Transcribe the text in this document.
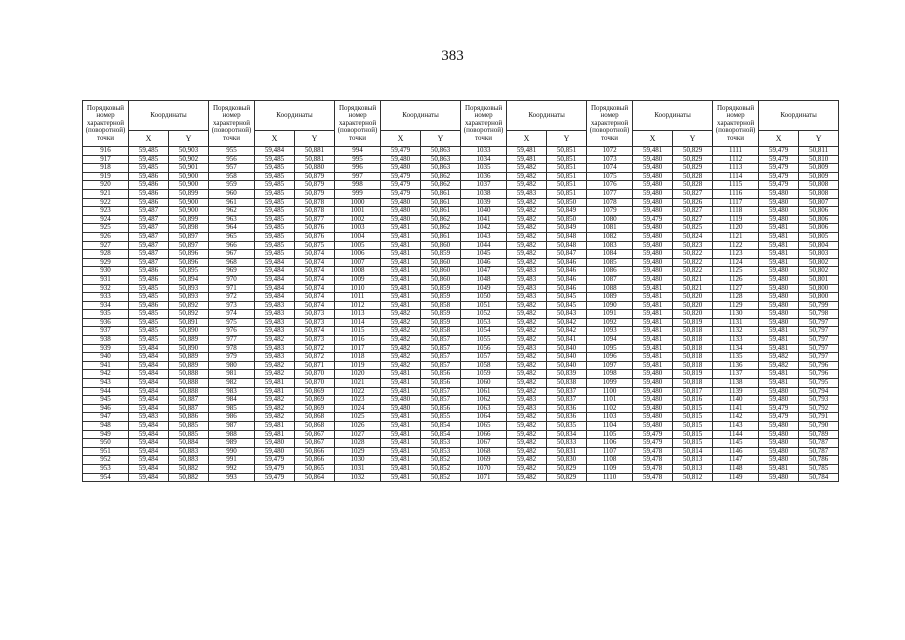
383
Порядковый номер характерной (поворотной) точки	Координаты		Порядковый номер характерной (поворотной) точки	Координаты		Порядковый номер характерной (поворотной) точки	Координаты		Порядковый номер характерной (поворотной) точки	Координаты		Порядковый номер характерной (поворотной) точки	Координаты		Порядковый номер характерной (поворотной) точки	Координаты	
	X	Y		X	Y		X	Y		X	Y		X	Y		X	Y
916	59,485	50,903	955	59,484	50,881	994	59,479	50,863	1033	59,481	50,851	1072	59,481	50,829	1111	59,479	50,811
917	59,485	50,902	956	59,485	50,881	995	59,480	50,863	1034	59,481	50,851	1073	59,480	50,829	1112	59,479	50,810
918	59,485	50,901	957	59,485	50,880	996	59,480	50,863	1035	59,482	50,851	1074	59,480	50,829	1113	59,479	50,809
919	59,486	50,900	958	59,485	50,879	997	59,479	50,862	1036	59,482	50,851	1075	59,480	50,828	1114	59,479	50,809
920	59,486	50,900	959	59,485	50,879	998	59,479	50,862	1037	59,482	50,851	1076	59,480	50,828	1115	59,479	50,808
921	59,486	50,899	960	59,485	50,879	999	59,479	50,861	1038	59,483	50,851	1077	59,480	50,827	1116	59,480	50,808
922	59,486	50,900	961	59,485	50,878	1000	59,480	50,861	1039	59,482	50,850	1078	59,480	50,826	1117	59,480	50,807
923	59,487	50,900	962	59,485	50,878	1001	59,480	50,861	1040	59,482	50,849	1079	59,480	50,827	1118	59,480	50,806
924	59,487	50,899	963	59,485	50,877	1002	59,480	50,862	1041	59,482	50,850	1080	59,479	50,827	1119	59,480	50,806
925	59,487	50,898	964	59,485	50,876	1003	59,481	50,862	1042	59,482	50,849	1081	59,480	50,825	1120	59,481	50,806
926	59,487	50,897	965	59,485	50,876	1004	59,481	50,861	1043	59,482	50,848	1082	59,480	50,824	1121	59,481	50,805
927	59,487	50,897	966	59,485	50,875	1005	59,481	50,860	1044	59,482	50,848	1083	59,480	50,823	1122	59,481	50,804
928	59,487	50,896	967	59,485	50,874	1006	59,481	50,859	1045	59,482	50,847	1084	59,480	50,822	1123	59,481	50,803
929	59,487	50,896	968	59,484	50,874	1007	59,481	50,860	1046	59,482	50,846	1085	59,480	50,822	1124	59,481	50,802
930	59,486	50,895	969	59,484	50,874	1008	59,481	50,860	1047	59,483	50,846	1086	59,480	50,822	1125	59,480	50,802
931	59,486	50,894	970	59,484	50,874	1009	59,481	50,860	1048	59,483	50,846	1087	59,480	50,821	1126	59,480	50,801
932	59,485	50,893	971	59,484	50,874	1010	59,481	50,859	1049	59,483	50,846	1088	59,481	50,821	1127	59,480	50,800
933	59,485	50,893	972	59,484	50,874	1011	59,481	50,859	1050	59,483	50,845	1089	59,481	50,820	1128	59,480	50,800
934	59,486	50,892	973	59,483	50,874	1012	59,481	50,858	1051	59,482	50,845	1090	59,481	50,820	1129	59,480	50,799
935	59,485	50,892	974	59,483	50,873	1013	59,482	50,859	1052	59,482	50,843	1091	59,481	50,820	1130	59,480	50,798
936	59,485	50,891	975	59,483	50,873	1014	59,482	50,859	1053	59,482	50,842	1092	59,481	50,819	1131	59,480	50,797
937	59,485	50,890	976	59,483	50,874	1015	59,482	50,858	1054	59,482	50,842	1093	59,481	50,818	1132	59,481	50,797
938	59,485	50,889	977	59,482	50,873	1016	59,482	50,857	1055	59,482	50,841	1094	59,481	50,818	1133	59,481	50,797
939	59,484	50,890	978	59,483	50,872	1017	59,482	50,857	1056	59,483	50,840	1095	59,481	50,818	1134	59,481	50,797
940	59,484	50,889	979	59,483	50,872	1018	59,482	50,857	1057	59,482	50,840	1096	59,481	50,818	1135	59,482	50,797
941	59,484	50,889	980	59,482	50,871	1019	59,482	50,857	1058	59,482	50,840	1097	59,481	50,818	1136	59,482	50,796
942	59,484	50,888	981	59,482	50,870	1020	59,481	50,856	1059	59,482	50,839	1098	59,480	50,819	1137	59,481	50,796
943	59,484	50,888	982	59,481	50,870	1021	59,481	50,856	1060	59,482	50,838	1099	59,480	50,818	1138	59,481	50,795
944	59,484	50,888	983	59,481	50,869	1022	59,481	50,857	1061	59,482	50,837	1100	59,480	50,817	1139	59,480	50,794
945	59,484	50,887	984	59,482	50,869	1023	59,480	50,857	1062	59,483	50,837	1101	59,480	50,816	1140	59,480	50,793
946	59,484	50,887	985	59,482	50,869	1024	59,480	50,856	1063	59,483	50,836	1102	59,480	50,815	1141	59,479	50,792
947	59,483	50,886	986	59,482	50,868	1025	59,481	50,855	1064	59,482	50,836	1103	59,480	50,815	1142	59,479	50,791
948	59,484	50,885	987	59,481	50,868	1026	59,481	50,854	1065	59,482	50,835	1104	59,480	50,815	1143	59,480	50,790
949	59,484	50,885	988	59,481	50,867	1027	59,481	50,854	1066	59,482	50,834	1105	59,479	50,815	1144	59,480	50,789
950	59,484	50,884	989	59,480	50,867	1028	59,481	50,853	1067	59,482	50,833	1106	59,479	50,815	1145	59,480	50,787
951	59,484	50,883	990	59,480	50,866	1029	59,481	50,853	1068	59,482	50,831	1107	59,478	50,814	1146	59,480	50,787
952	59,484	50,883	991	59,479	50,866	1030	59,481	50,852	1069	59,482	50,830	1108	59,478	50,813	1147	59,480	50,786
953	59,484	50,882	992	59,479	50,865	1031	59,481	50,852	1070	59,482	50,829	1109	59,478	50,813	1148	59,481	50,785
954	59,484	50,882	993	59,479	50,864	1032	59,481	50,852	1071	59,482	50,829	1110	59,478	50,812	1149	59,480	50,784
